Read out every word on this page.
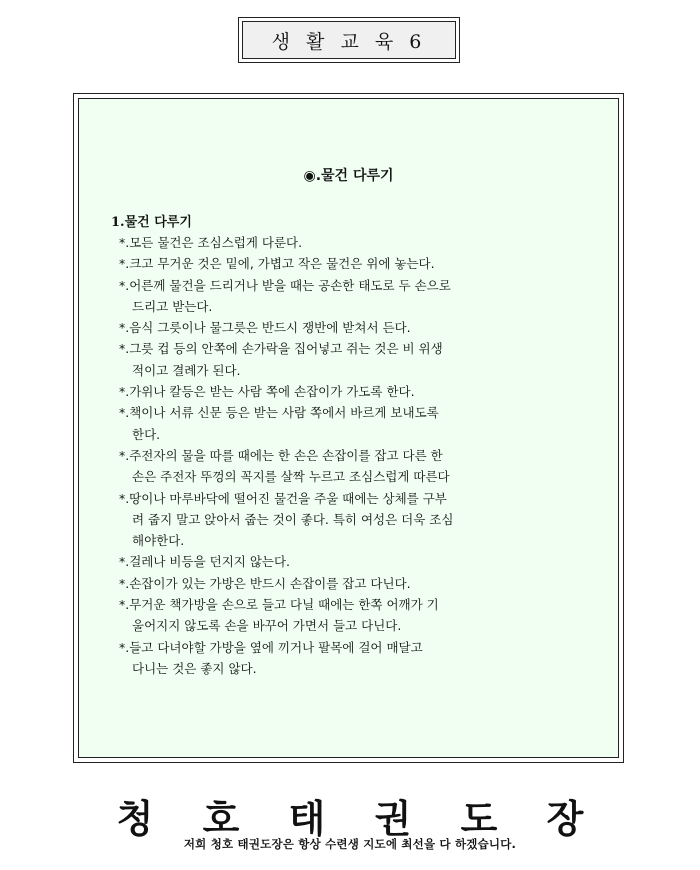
생 활 교 육 6
◉.물건 다루기
1.물건 다루기
*.모든 물건은 조심스럽게 다룬다.
*.크고 무거운 것은 밑에, 가볍고 작은 물건은 위에 놓는다.
*.어른께 물건을 드리거나 받을 때는 공손한 태도로 두 손으로
드리고 받는다.
*.음식 그릇이나 물그릇은 반드시 쟁반에 받쳐서 든다.
*.그릇 컵 등의 안쪽에 손가락을 집어넣고 쥐는 것은 비 위생
적이고 결례가 된다.
*.가위나 칼등은 받는 사람 쪽에 손잡이가 가도록 한다.
*.책이나 서류 신문 등은 받는 사람 쪽에서 바르게 보내도록
한다.
*.주전자의 물을 따를 때에는 한 손은 손잡이를 잡고 다른 한
손은 주전자 뚜껑의 꼭지를 살짝 누르고 조심스럽게 따른다
*.땅이나 마루바닥에 떨어진 물건을 주울 때에는 상체를 구부
려 줍지 말고 앉아서 줍는 것이 좋다. 특히 여성은 더욱 조심
해야한다.
*.걸레나 비등을 던지지 않는다.
*.손잡이가 있는 가방은 반드시 손잡이를 잡고 다닌다.
*.무거운 책가방을 손으로 들고 다닐 때에는 한쪽 어깨가 기
울어지지 않도록 손을 바꾸어 가면서 들고 다닌다.
*.들고 다녀야할 가방을 옆에 끼거나 팔목에 걸어 매달고
다니는 것은 좋지 않다.
청 호 태 권 도 장
저희 청호 태권도장은 항상 수련생 지도에 최선을 다 하겠습니다.
